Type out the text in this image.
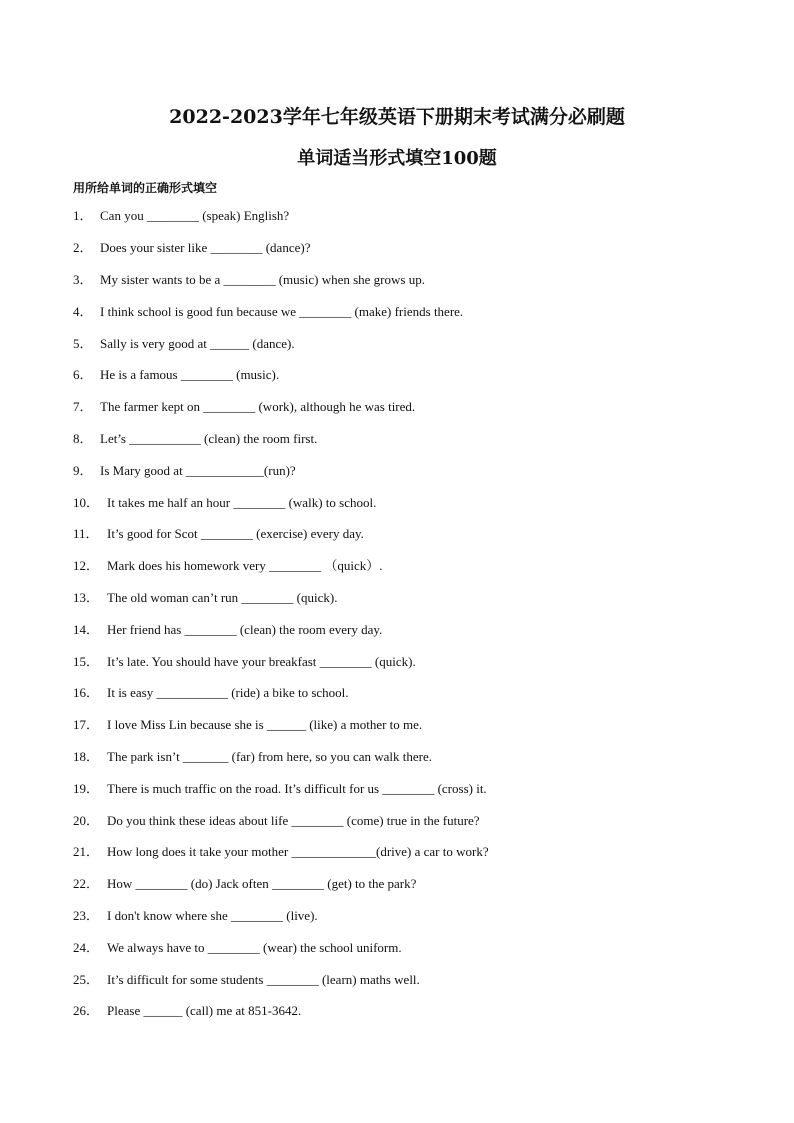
2022-2023学年七年级英语下册期末考试满分必刷题
单词适当形式填空100题
用所给单词的正确形式填空
1． Can you ________ (speak) English?
2． Does your sister like ________ (dance)?
3． My sister wants to be a ________ (music) when she grows up.
4． I think school is good fun because we ________ (make) friends there.
5． Sally is very good at ______ (dance).
6． He is a famous ________ (music).
7． The farmer kept on ________ (work), although he was tired.
8． Let’s ___________ (clean) the room first.
9． Is Mary good at ____________(run)?
10． It takes me half an hour ________ (walk) to school.
11． It’s good for Scot ________ (exercise) every day.
12． Mark does his homework very ________ （quick）.
13． The old woman can’t run ________ (quick).
14． Her friend has ________ (clean) the room every day.
15． It’s late. You should have your breakfast ________ (quick).
16． It is easy ___________ (ride) a bike to school.
17． I love Miss Lin because she is ______ (like) a mother to me.
18． The park isn’t _______ (far) from here, so you can walk there.
19． There is much traffic on the road. It’s difficult for us ________ (cross) it.
20． Do you think these ideas about life ________ (come) true in the future?
21． How long does it take your mother _____________(drive) a car to work?
22． How ________ (do) Jack often ________ (get) to the park?
23． I don't know where she ________ (live).
24． We always have to ________ (wear) the school uniform.
25． It’s difficult for some students ________ (learn) maths well.
26． Please ______ (call) me at 851-3642.
